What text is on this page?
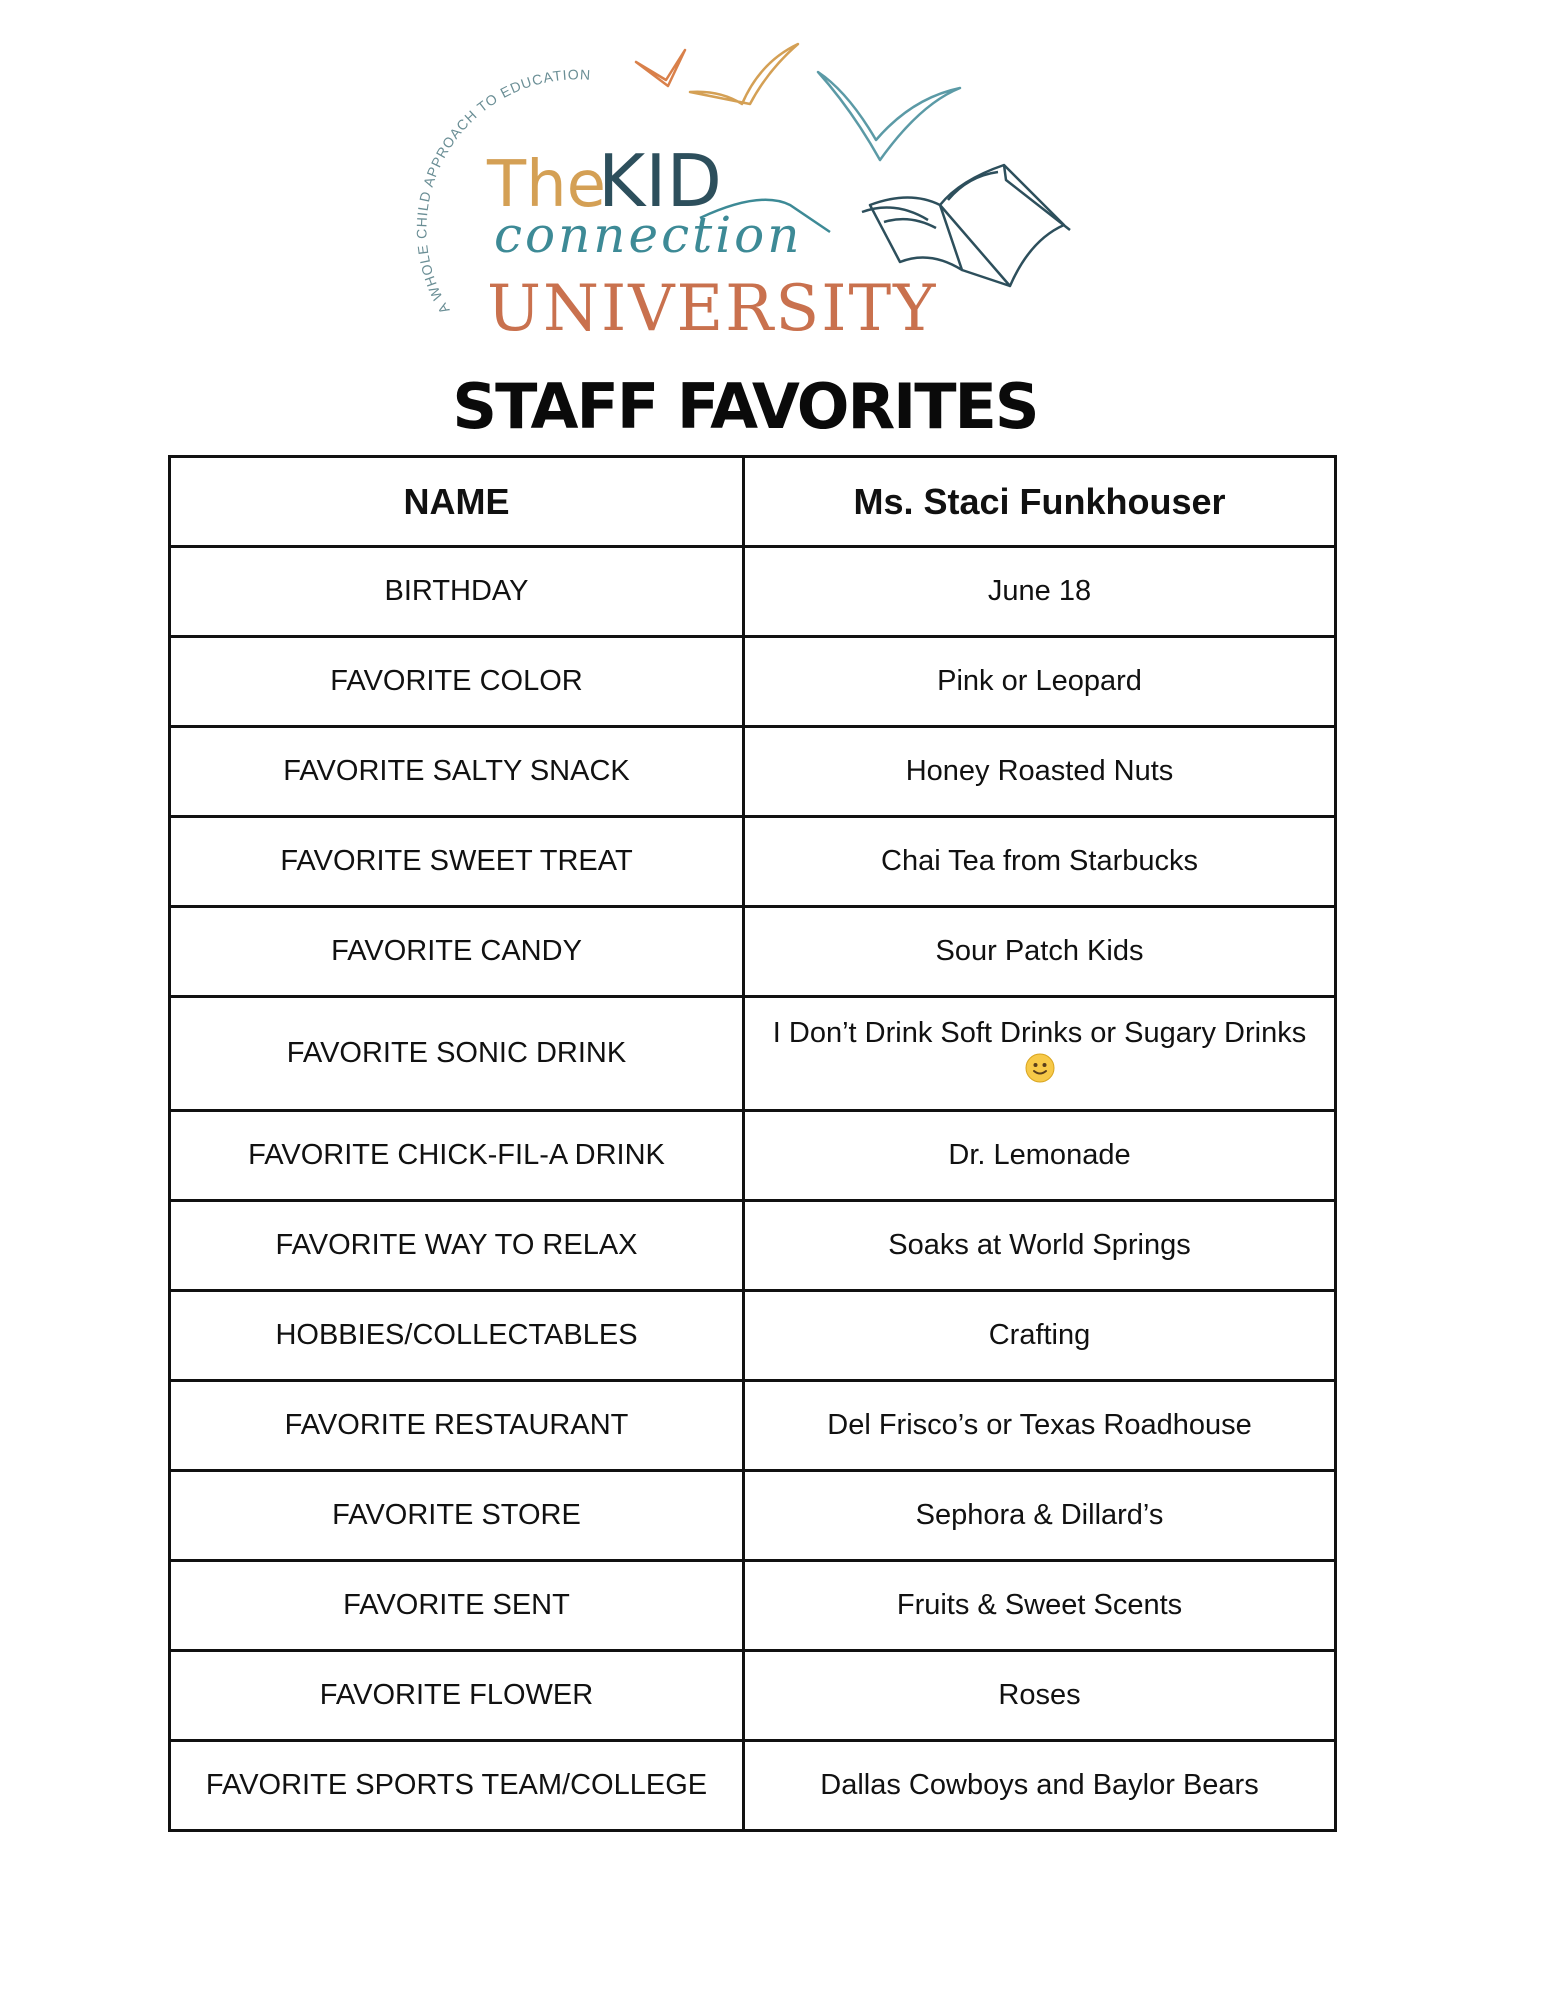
A WHOLE CHILD APPROACH TO EDUCATION
The
KID
connection
UNIVERSITY
STAFF FAVORITES
NAME	Ms. Staci Funkhouser
BIRTHDAY	June 18
FAVORITE COLOR	Pink or Leopard
FAVORITE SALTY SNACK	Honey Roasted Nuts
FAVORITE SWEET TREAT	Chai Tea from Starbucks
FAVORITE CANDY	Sour Patch Kids
FAVORITE SONIC DRINK	I Don’t Drink Soft Drinks or Sugary Drinks

FAVORITE CHICK-FIL-A DRINK	Dr. Lemonade
FAVORITE WAY TO RELAX	Soaks at World Springs
HOBBIES/COLLECTABLES	Crafting
FAVORITE RESTAURANT	Del Frisco’s or Texas Roadhouse
FAVORITE STORE	Sephora & Dillard’s
FAVORITE SENT	Fruits & Sweet Scents
FAVORITE FLOWER	Roses
FAVORITE SPORTS TEAM/COLLEGE	Dallas Cowboys and Baylor Bears
